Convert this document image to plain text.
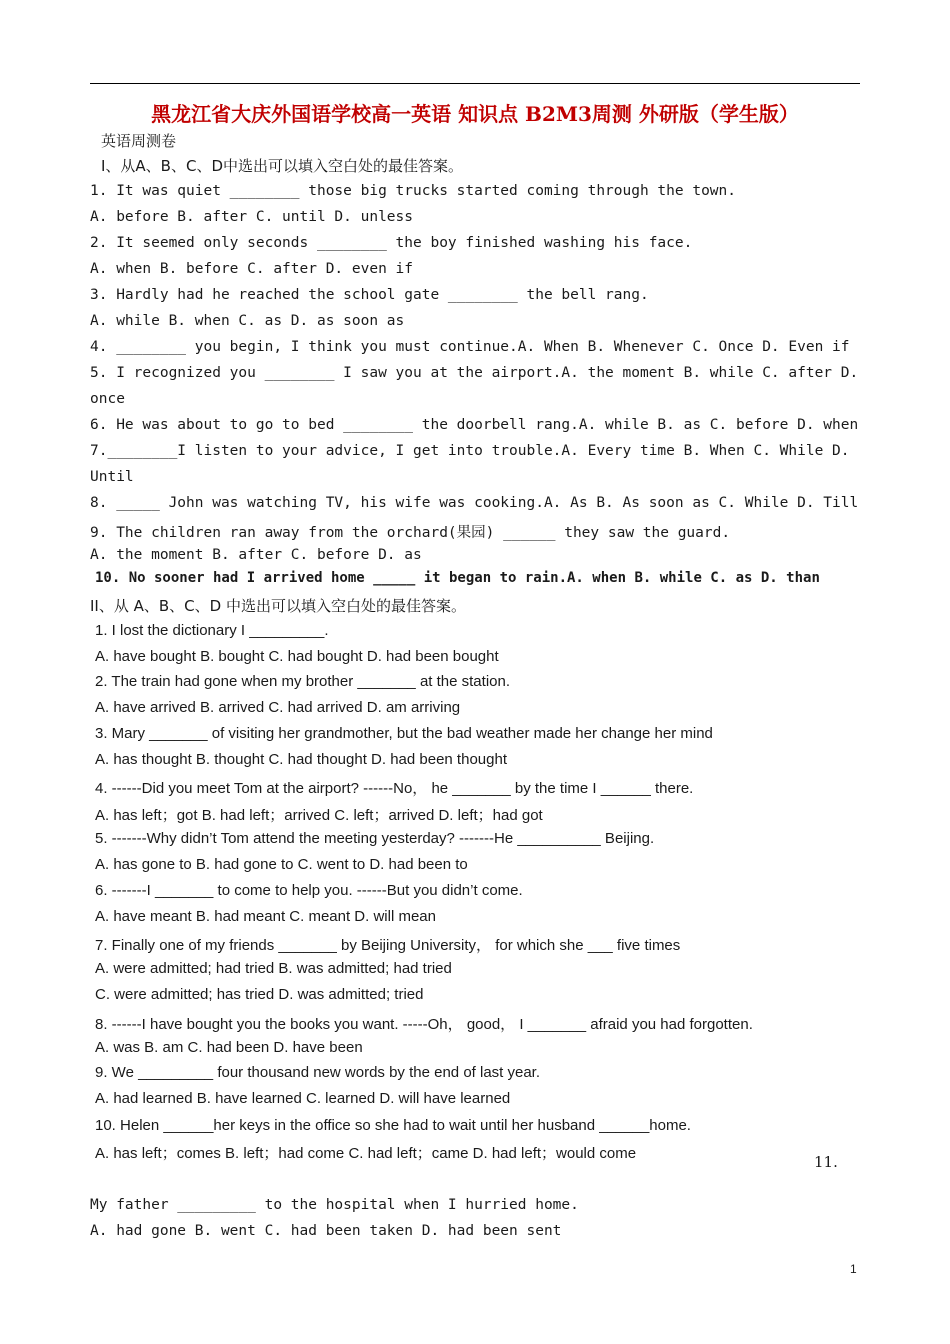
黑龙江省大庆外国语学校高一英语 知识点 B2M3周测 外研版（学生版）
英语周测卷
I、从A、B、C、D中选出可以填入空白处的最佳答案。
1. It was quiet ________ those big trucks started coming through the town.
A. before B. after C. until D. unless
2. It seemed only seconds ________ the boy finished washing his face.
A. when B. before C. after D. even if
3. Hardly had he reached the school gate ________ the bell rang.
A. while B. when C. as D. as soon as
4. ________ you begin, I think you must continue.A. When B. Whenever C. Once D. Even if
5. I recognized you ________ I saw you at the airport.A. the moment B. while C. after D.
once
6. He was about to go to bed ________ the doorbell rang.A. while B. as C. before D. when
7.________I listen to your advice, I get into trouble.A. Every time B. When C. While D.
Until
8. _____ John was watching TV, his wife was cooking.A. As B. As soon as C. While D. Till
9. The children ran away from the orchard(果园) ______ they saw the guard.
A. the moment B. after C. before D. as
10. No sooner had I arrived home _____ it began to rain.A. when B. while C. as D. than
II、从 A、B、C、D 中选出可以填入空白处的最佳答案。
1. I lost the dictionary I _________.
A. have bought B. bought C. had bought D. had been bought
2. The train had gone when my brother _______ at the station.
A. have arrived B. arrived C. had arrived D. am arriving
3. Mary _______ of visiting her grandmother, but the bad weather made her change her mind
A. has thought B. thought C. had thought D. had been thought
4. ------Did you meet Tom at the airport? ------No， he _______ by the time I ______ there.
A. has left；got B. had left；arrived C. left；arrived D. left；had got
5. -------Why didn’t Tom attend the meeting yesterday? -------He __________ Beijing.
A. has gone to B. had gone to C. went to D. had been to
6. -------I _______ to come to help you. ------But you didn’t come.
A. have meant B. had meant C. meant D. will mean
7. Finally one of my friends _______ by Beijing University， for which she ___ five times
A. were admitted; had tried B. was admitted; had tried
C. were admitted; has tried D. was admitted; tried
8. ------I have bought you the books you want. -----Oh， good， I _______ afraid you had forgotten.
A. was B. am C. had been D. have been
9. We _________ four thousand new words by the end of last year.
A. had learned B. have learned C. learned D. will have learned
10. Helen ______her keys in the office so she had to wait until her husband ______home.
A. has left；comes B. left；had come C. had left；came D. had left；would come	11.
My father _________ to the hospital when I hurried home.
A. had gone B. went C. had been taken D. had been sent
1
